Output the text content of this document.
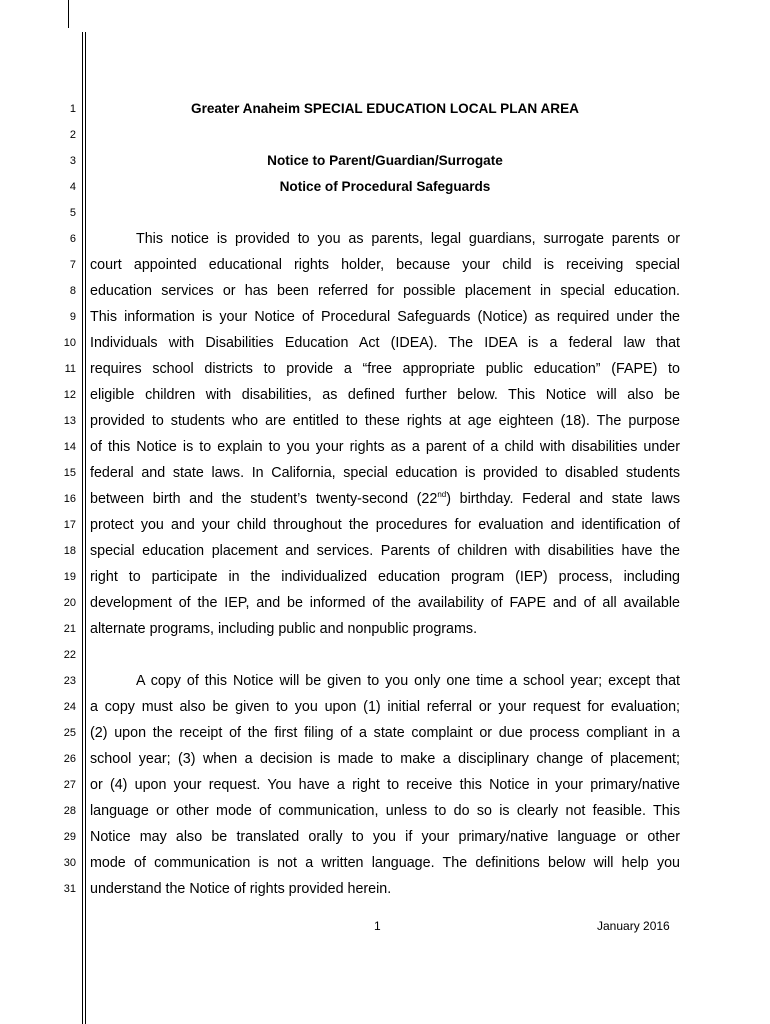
1
2
3
4
5
6
7
8
9
10
11
12
13
14
15
16
17
18
19
20
21
22
23
24
25
26
27
28
29
30
31
Greater Anaheim SPECIAL EDUCATION LOCAL PLAN AREA
Notice to Parent/Guardian/Surrogate
Notice of Procedural Safeguards
This notice is provided to you as parents, legal guardians, surrogate parents or
court appointed educational rights holder, because your child is receiving special
education services or has been referred for possible placement in special education.
This information is your Notice of Procedural Safeguards (Notice) as required under the
Individuals with Disabilities Education Act (IDEA). The IDEA is a federal law that
requires school districts to provide a “free appropriate public education” (FAPE) to
eligible children with disabilities, as defined further below. This Notice will also be
provided to students who are entitled to these rights at age eighteen (18). The purpose
of this Notice is to explain to you your rights as a parent of a child with disabilities under
federal and state laws. In California, special education is provided to disabled students
between birth and the student’s twenty-second (22nd) birthday. Federal and state laws
protect you and your child throughout the procedures for evaluation and identification of
special education placement and services. Parents of children with disabilities have the
right to participate in the individualized education program (IEP) process, including
development of the IEP, and be informed of the availability of FAPE and of all available
alternate programs, including public and nonpublic programs.
A copy of this Notice will be given to you only one time a school year; except that
a copy must also be given to you upon (1) initial referral or your request for evaluation;
(2) upon the receipt of the first filing of a state complaint or due process compliant in a
school year; (3) when a decision is made to make a disciplinary change of placement;
or (4) upon your request. You have a right to receive this Notice in your primary/native
language or other mode of communication, unless to do so is clearly not feasible. This
Notice may also be translated orally to you if your primary/native language or other
mode of communication is not a written language. The definitions below will help you
understand the Notice of rights provided herein.
1	January 2016
